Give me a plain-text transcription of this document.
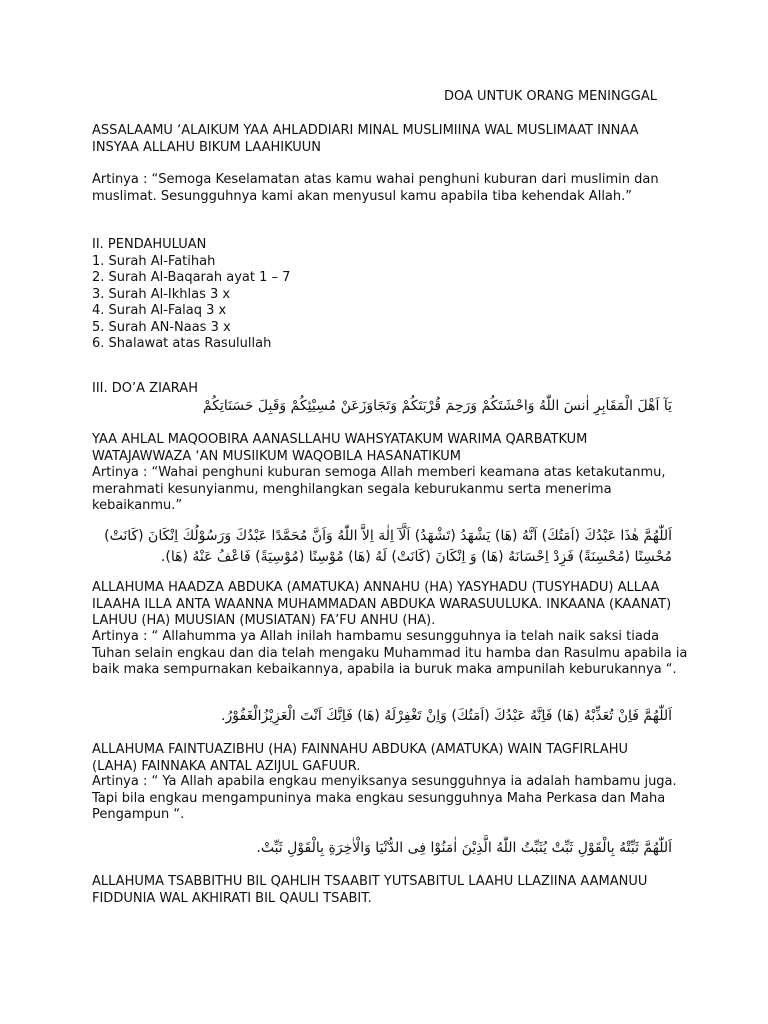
DOA UNTUK ORANG MENINGGAL
ASSALAAMU ‘ALAIKUM YAA AHLADDIARI MINAL MUSLIMIINA WAL MUSLIMAAT INNAA
INSYAA ALLAHU BIKUM LAAHIKUUN
Artinya : “Semoga Keselamatan atas kamu wahai penghuni kuburan dari muslimin dan
muslimat. Sesungguhnya kami akan menyusul kamu apabila tiba kehendak Allah.”
II. PENDAHULUAN
1. Surah Al-Fatihah
2. Surah Al-Baqarah ayat 1 – 7
3. Surah Al-Ikhlas 3 x
4. Surah Al-Falaq 3 x
5. Surah AN-Naas 3 x
6. Shalawat atas Rasulullah
III. DO’A ZIARAH
يَآ اَهْلَ الْمَقَابِرِ اٰنسَ اللّٰهُ وَاحْشَتَكُمْ وَرَحِمَ قُرْبَتَكُمْ وَتَجَاوَزَعَنْ مُسِيْئِكُمْ وَقَبِلَ حَسَنَاتِكُمْ
YAA AHLAL MAQOOBIRA AANASLLAHU WAHSYATAKUM WARIMA QARBATKUM
WATAJAWWAZA ‘AN MUSIIKUM WAQOBILA HASANATIKUM
Artinya : “Wahai penghuni kuburan semoga Allah memberi keamana atas ketakutanmu,
merahmati kesunyianmu, menghilangkan segala keburukanmu serta menerima
kebaikanmu.”
اَللّٰهُمَّ هٰذَا عَبْدُكَ (اَمَتُكَ) اَنَّهُ (هَا) يَشْهَدُ (تَشْهَدُ) اَلَّآ اِلٰهَ اِلاَّ اللّٰهُ وَاَنَّ مُحَمَّدًا عَبْدُكَ وَرَسُوْلُكَ اِنْكَانَ (كَانَتْ)
مُحْسِنًا (مُحْسِنَةً) فَزِدْ اِحْسَانَهُ (هَا) وَ اِنْكَانَ (كَانَتْ) لَهُ (هَا) مُوْسِنًا (مُوْسِيَةً) فَاعْفُ عَنْهُ (هَا).
ALLAHUMA HAADZA ABDUKA (AMATUKA) ANNAHU (HA) YASYHADU (TUSYHADU) ALLAA
ILAAHA ILLA ANTA WAANNA MUHAMMADAN ABDUKA WARASUULUKA. INKAANA (KAANAT)
LAHUU (HA) MUUSIAN (MUSIATAN) FA’FU ANHU (HA).
Artinya : “ Allahumma ya Allah inilah hambamu sesungguhnya ia telah naik saksi tiada
Tuhan selain engkau dan dia telah mengaku Muhammad itu hamba dan Rasulmu apabila ia
baik maka sempurnakan kebaikannya, apabila ia buruk maka ampunilah keburukannya “.
اَللّٰهُمَّ فَاِنْ تُعَذِّبْهُ (هَا) فَاِنَّهُ عَبْدُكَ (اَمَتُكَ) وَاِنْ تَغْفِرْلَهُ (هَا) فَاِنَّكَ اَنْتَ الْعَزِيْزُالْغَفُوْرُ.
ALLAHUMA FAINTUAZIBHU (HA) FAINNAHU ABDUKA (AMATUKA) WAIN TAGFIRLAHU
(LAHA) FAINNAKA ANTAL AZIJUL GAFUUR.
Artinya : “ Ya Allah apabila engkau menyiksanya sesungguhnya ia adalah hambamu juga.
Tapi bila engkau mengampuninya maka engkau sesungguhnya Maha Perkasa dan Maha
Pengampun “.
اَللّٰهُمَّ ثَبِّتْهُ بِالْقَوْلِ ثَبِّتْ يُثَبِّتُ اللّٰهُ الَّذِيْنَ اٰمَنُوْا فِى الدُّنْيَا وَالْاٰخِرَةِ بِالْقَوْلِ ثَبِّتْ.
ALLAHUMA TSABBITHU BIL QAHLIH TSAABIT YUTSABITUL LAAHU LLAZIINA AAMANUU
FIDDUNIA WAL AKHIRATI BIL QAULI TSABIT.
